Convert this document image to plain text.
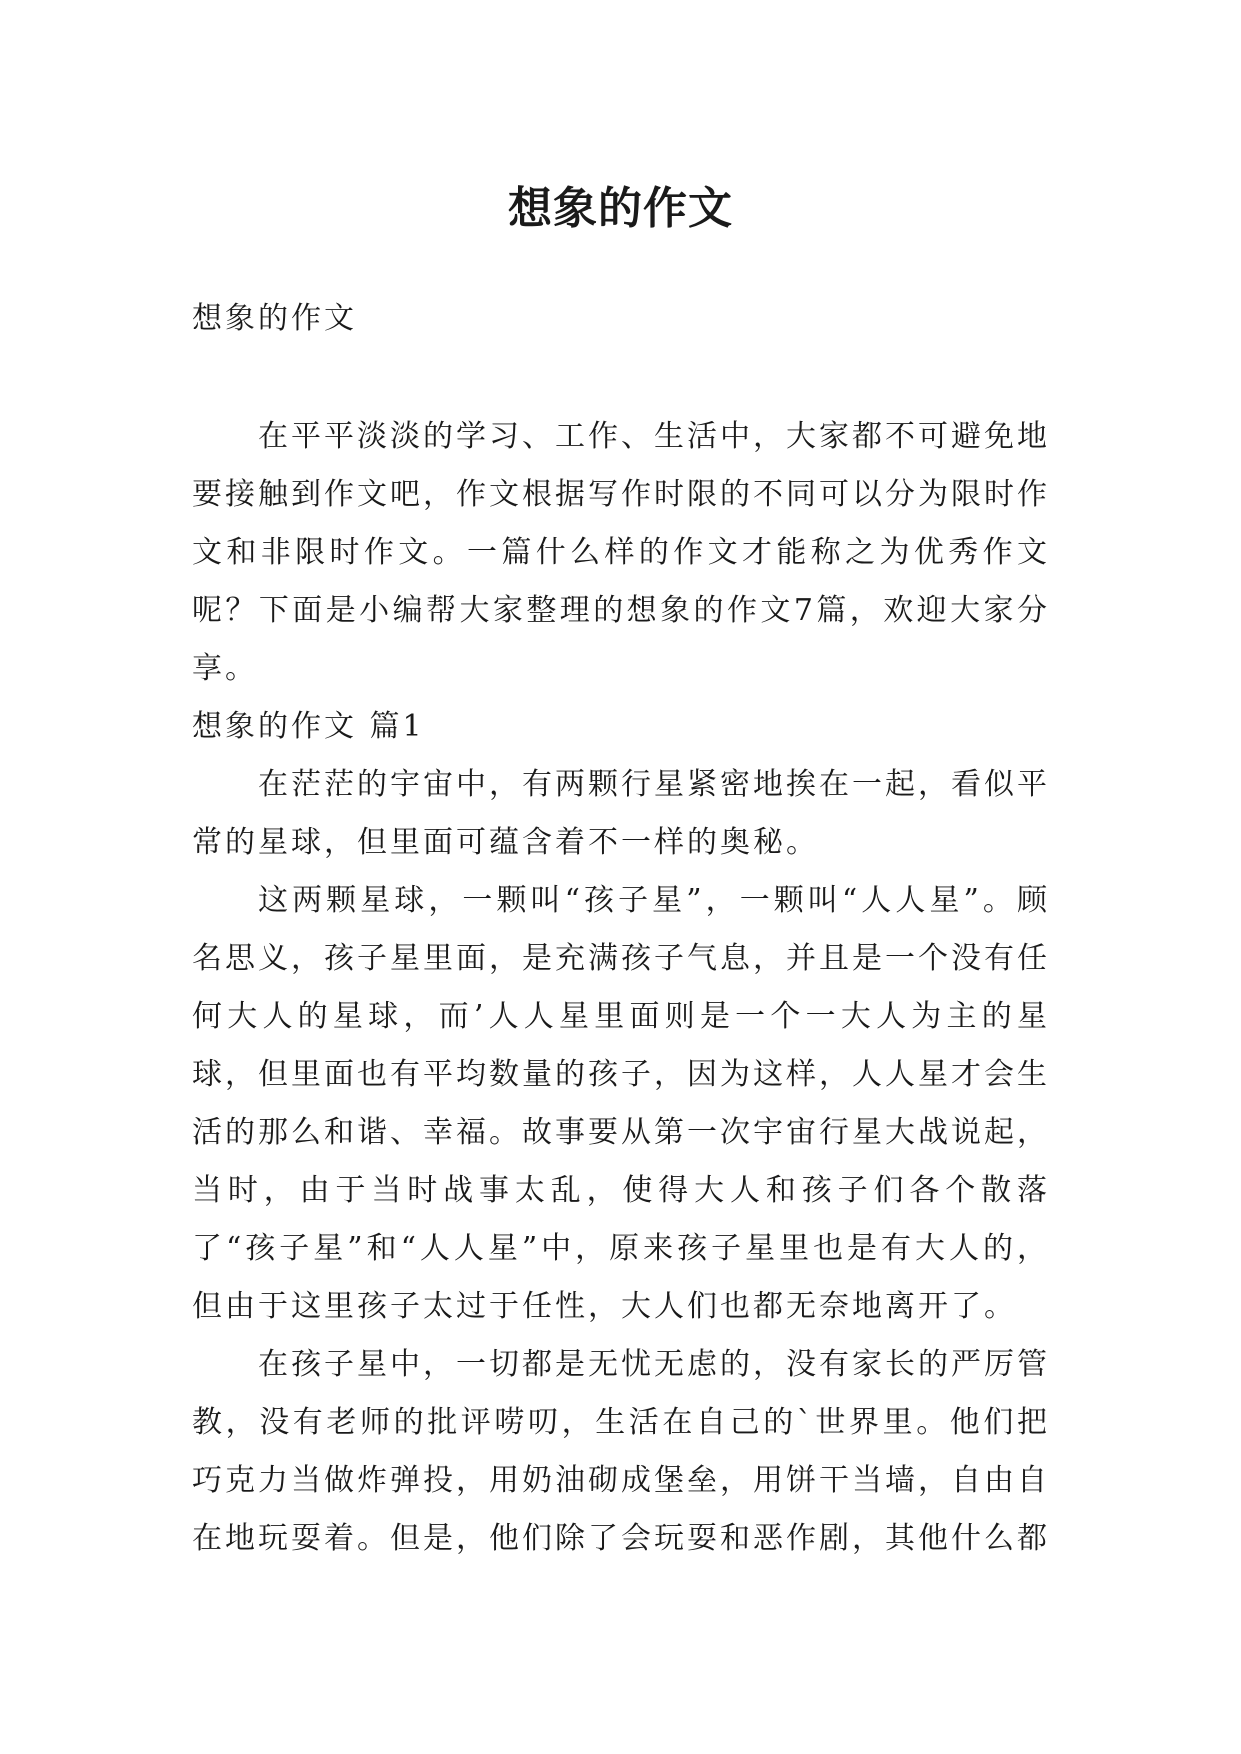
想象的作文

想象的作文

在平平淡淡的学习、工作、生活中，大家都不可避免地要接触到作文吧，作文根据写作时限的不同可以分为限时作文和非限时作文。一篇什么样的作文才能称之为优秀作文呢？下面是小编帮大家整理的想象的作文7篇，欢迎大家分享。

想象的作文 篇1

在茫茫的宇宙中，有两颗行星紧密地挨在一起，看似平常的星球，但里面可蕴含着不一样的奥秘。

这两颗星球，一颗叫“孩子星”，一颗叫“人人星”。顾名思义，孩子星里面，是充满孩子气息，并且是一个没有任何大人的星球，而’人人星里面则是一个一大人为主的星球，但里面也有平均数量的孩子，因为这样，人人星才会生活的那么和谐、幸福。故事要从第一次宇宙行星大战说起，当时，由于当时战事太乱，使得大人和孩子们各个散落了“孩子星”和“人人星”中，原来孩子星里也是有大人的，但由于这里孩子太过于任性，大人们也都无奈地离开了。

在孩子星中，一切都是无忧无虑的，没有家长的严厉管教，没有老师的批评唠叨，生活在自己的`世界里。他们把巧克力当做炸弹投，用奶油砌成堡垒，用饼干当墙，自由自在地玩耍着。但是，他们除了会玩耍和恶作剧，其他什么都
